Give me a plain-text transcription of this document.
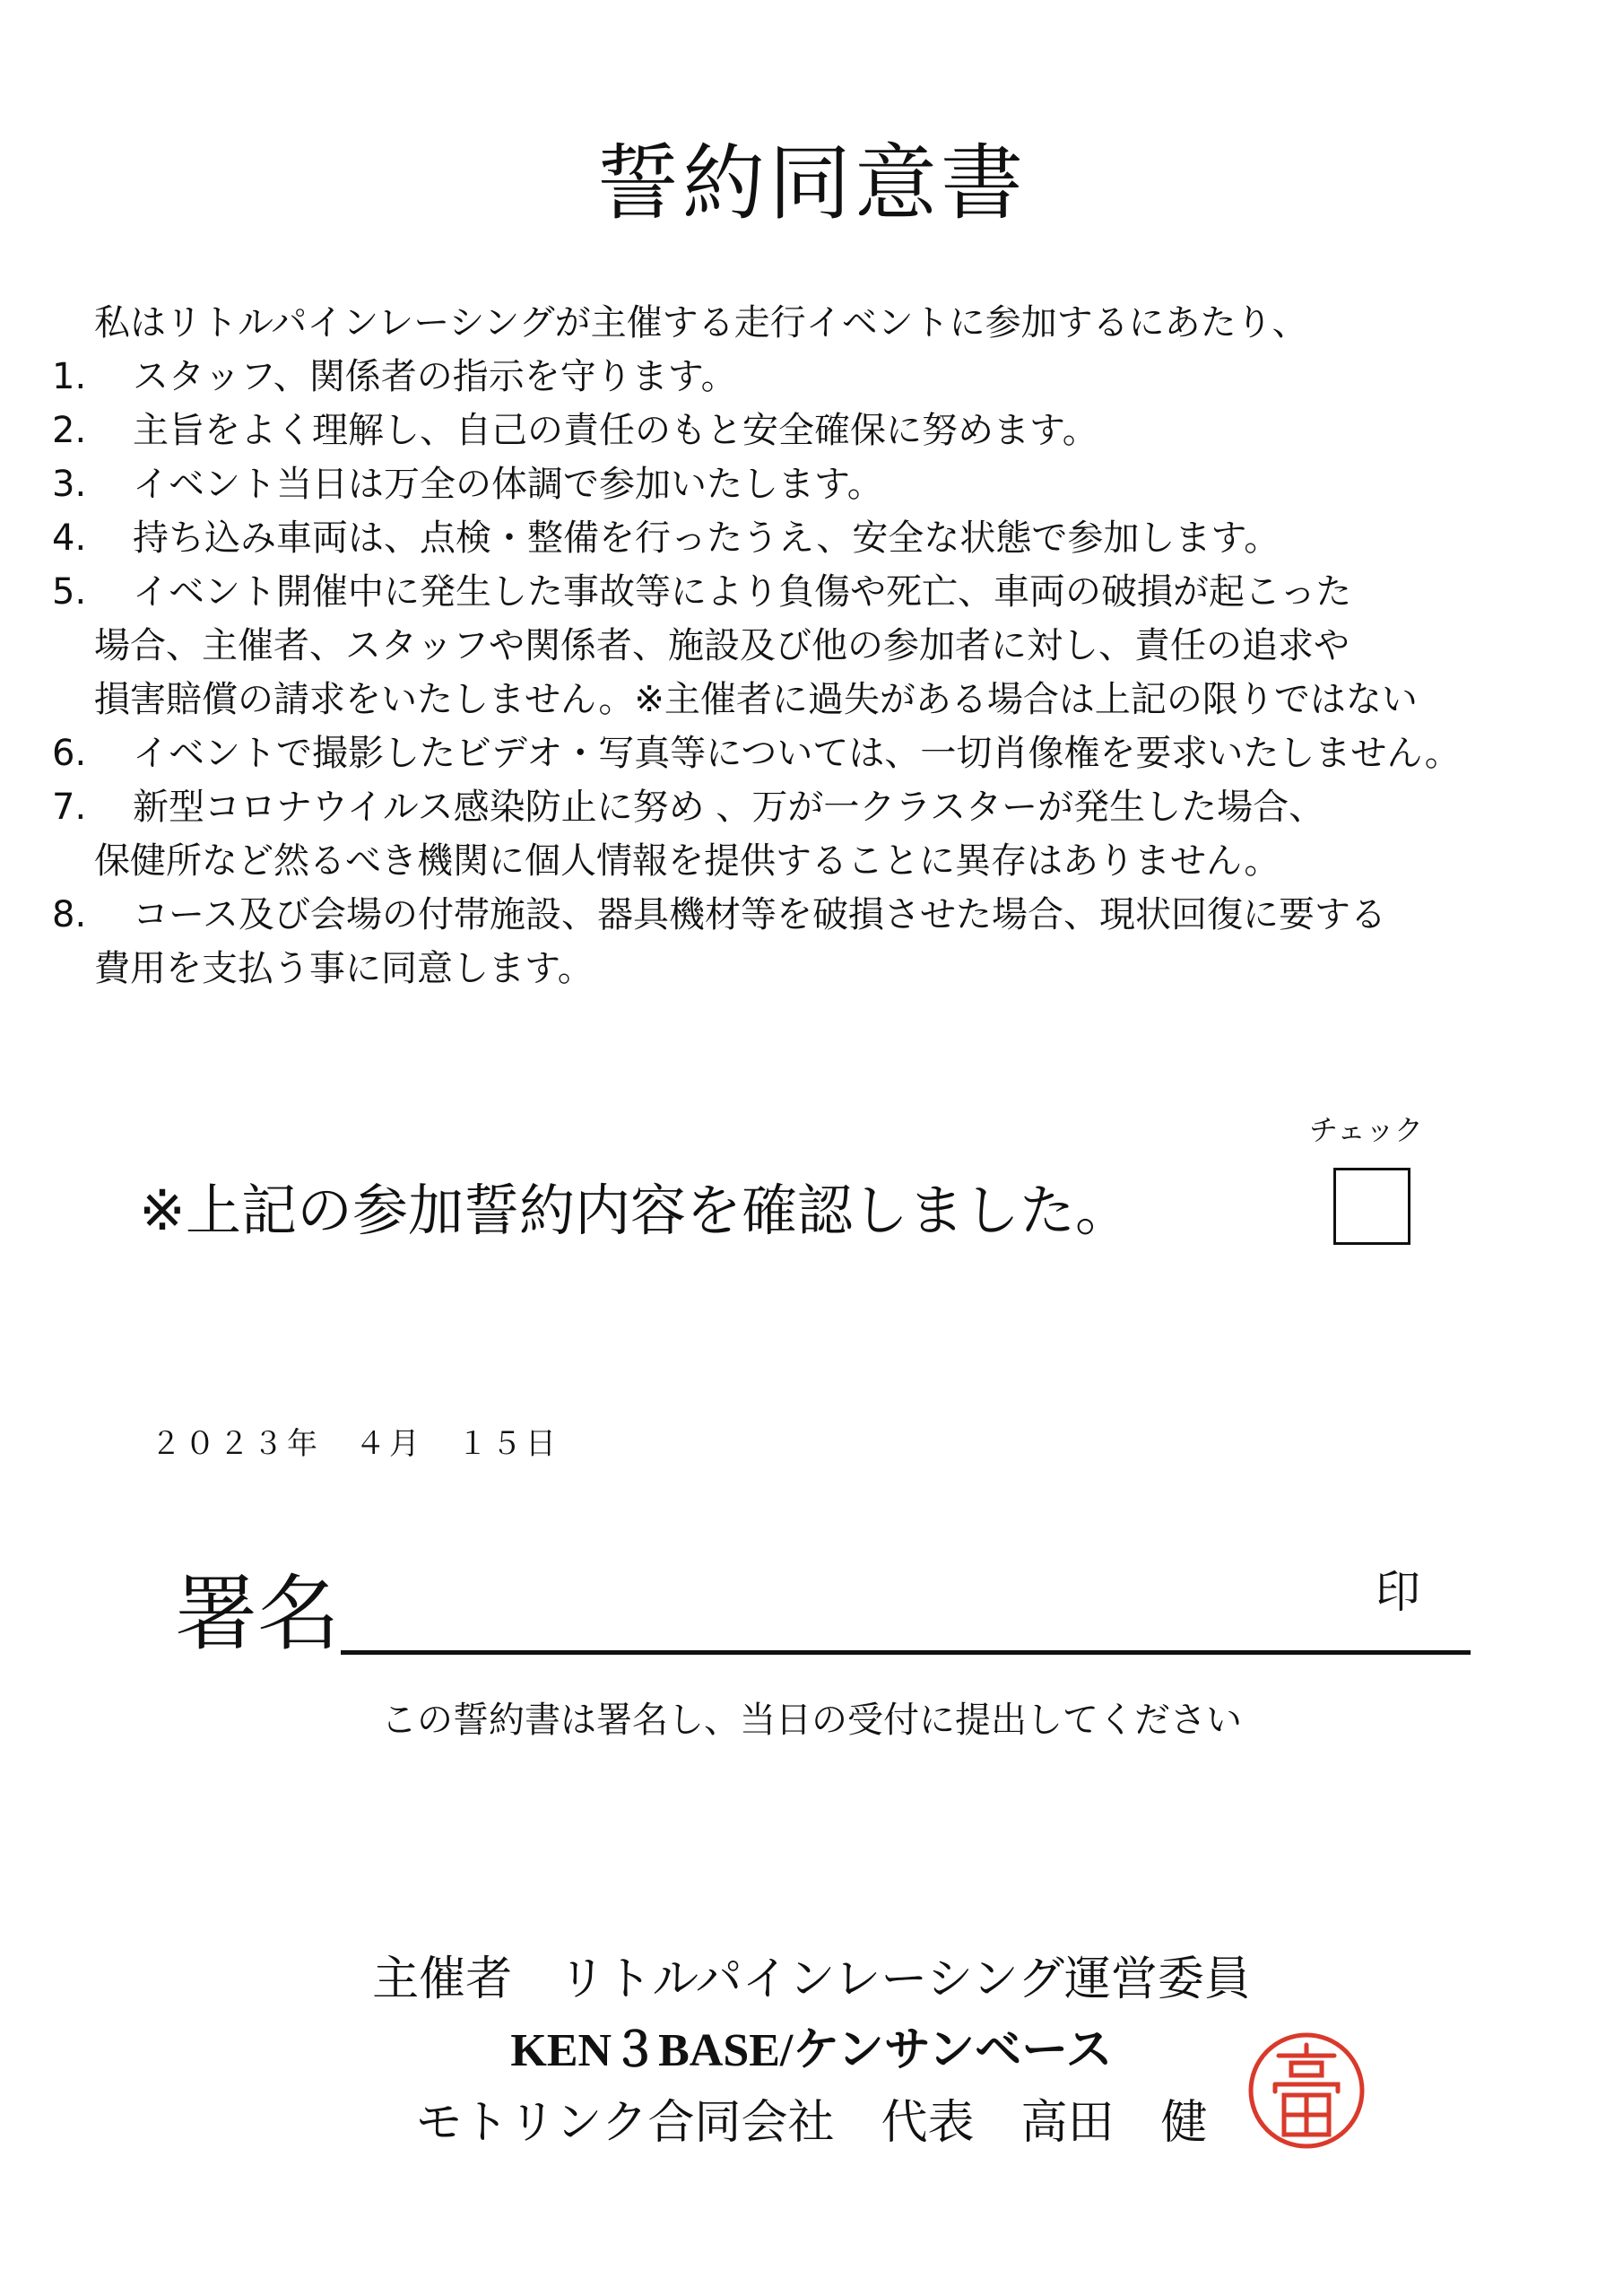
誓約同意書
私はリトルパインレーシングが主催する走行イベントに参加するにあたり、
1. スタッフ、関係者の指示を守ります。
2. 主旨をよく理解し、自己の責任のもと安全確保に努めます。
3. イベント当日は万全の体調で参加いたします。
4. 持ち込み車両は、点検・整備を行ったうえ、安全な状態で参加します。
5. イベント開催中に発生した事故等により負傷や死亡、車両の破損が起こった
場合、主催者、スタッフや関係者、施設及び他の参加者に対し、責任の追求や
損害賠償の請求をいたしません。※主催者に過失がある場合は上記の限りではない
6. イベントで撮影したビデオ・写真等については、一切肖像権を要求いたしません。
7. 新型コロナウイルス感染防止に努め 、万が一クラスターが発生した場合、
保健所など然るべき機関に個人情報を提供することに異存はありません。
8. コース及び会場の付帯施設、器具機材等を破損させた場合、現状回復に要する
費用を支払う事に同意します。
チェック
※上記の参加誓約内容を確認しました。
２０２３年　４月　１５日
署名	印
この誓約書は署名し、当日の受付に提出してください
主催者　リトルパインレーシング運営委員
KEN３BASE/ケンサンベース
モトリンク合同会社　代表　高田　健
